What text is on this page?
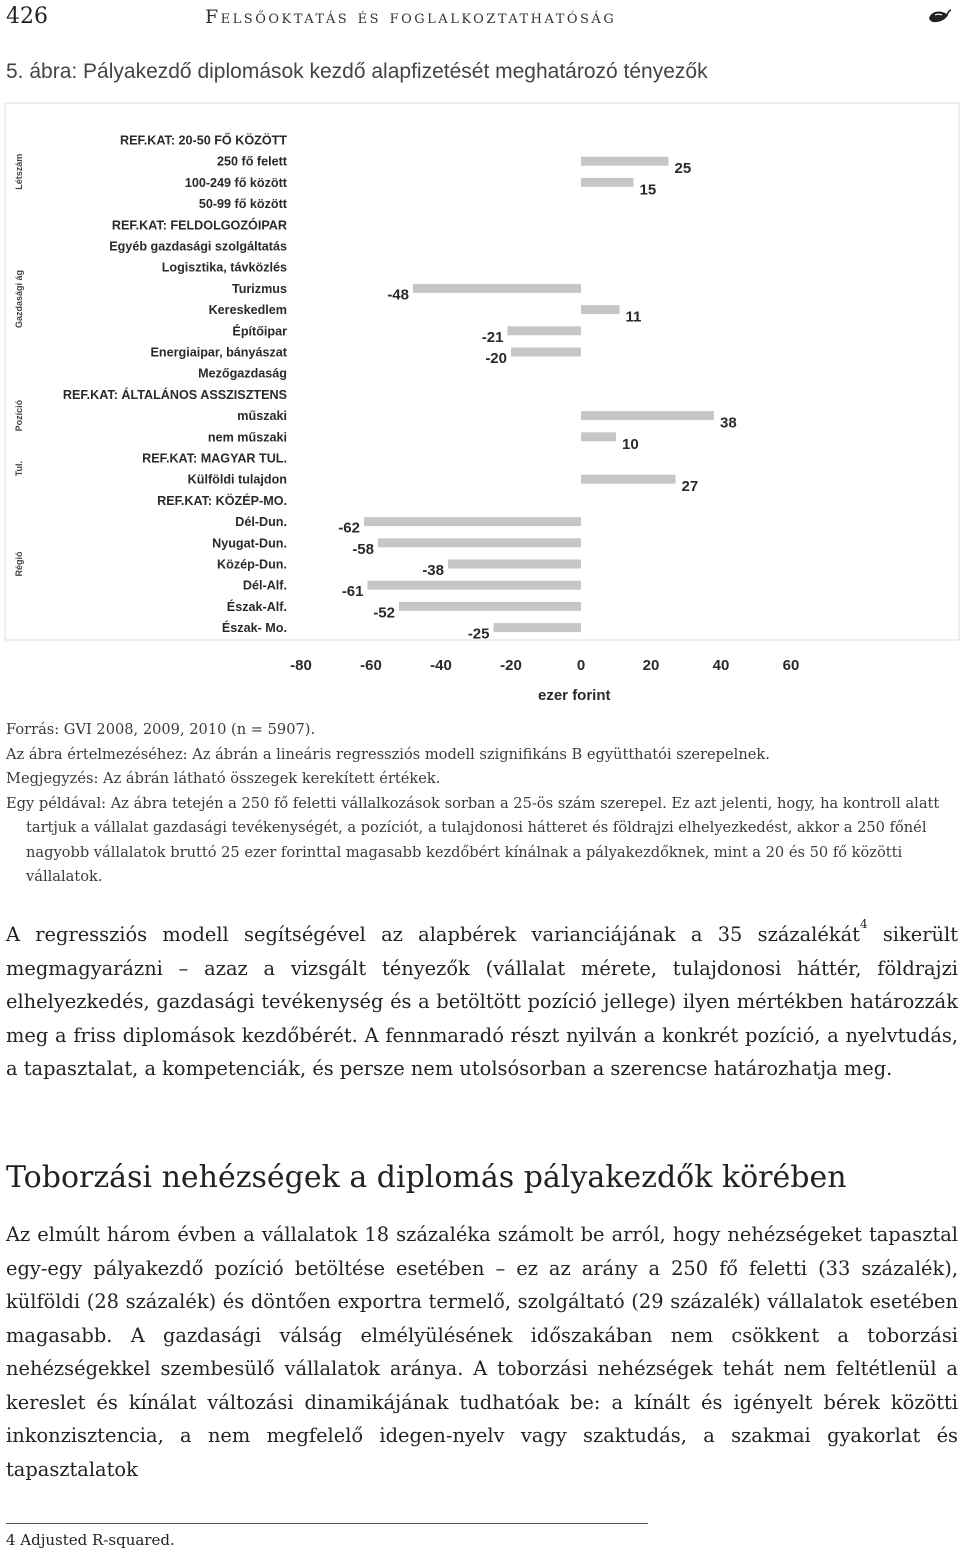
426	Felsőoktatás és foglalkoztathatóság
5. ábra: Pályakezdő diplomások kezdő alapfizetését meghatározó tényezők
Létszám
Gazdasági ág
Pozíció
Tul.
Régió
REF.KAT: 20-50 FŐ KÖZÖTT
250 fő felett	25
100-249 fő között	15
50-99 fő között
REF.KAT: FELDOLGOZÓIPAR
Egyéb gazdasági szolgáltatás
Logisztika, távközlés
Turizmus	-48
Kereskedlem	11
Építőipar	-21
Energiaipar, bányászat	-20
Mezőgazdaság
REF.KAT: ÁLTALÁNOS ASSZISZTENS
műszaki	38
nem műszaki	10
REF.KAT: MAGYAR TUL.
Külföldi tulajdon	27
REF.KAT: KÖZÉP-MO.
Dél-Dun.	-62
Nyugat-Dun.	-58
Közép-Dun.	-38
Dél-Alf.	-61
Észak-Alf.	-52
Észak- Mo.	-25
-80	-60	-40	-20	0	20	40	60
ezer forint

Forrás: GVI 2008, 2009, 2010 (n = 5907).

Az ábra értelmezéséhez: Az ábrán a lineáris regressziós modell szignifikáns B együtthatói szerepelnek.

Megjegyzés: Az ábrán látható összegek kerekített értékek.

Egy példával: Az ábra tetején a 250 fő feletti vállalkozások sorban a 25-ös szám szerepel. Ez azt jelenti, hogy, ha kontroll alatt tartjuk a vállalat gazdasági tevékenységét, a pozíciót, a tulajdonosi hátteret és földrajzi elhelyezkedést, akkor a 250 főnél nagyobb vállalatok bruttó 25 ezer forinttal magasabb kezdőbért kínálnak a pályakezdőknek, mint a 20 és 50 fő közötti vállalatok.

A regressziós modell segítségével az alapbérek varianciájának a 35 százalékát$^4$ sikerült megmagyarázni – azaz a vizsgált tényezők (vállalat mérete, tulajdonosi háttér, földrajzi elhelyezkedés, gazdasági tevékenység és a betöltött pozíció jellege) ilyen mértékben határozzák meg a friss diplomások kezdőbérét. A fennmaradó részt nyilván a konkrét pozíció, a nyelvtudás, a tapasztalat, a kompetenciák, és persze nem utolsósorban a szerencse határozhatja meg.
Toborzási nehézségek a diplomás pályakezdők körében
Az elmúlt három évben a vállalatok 18 százaléka számolt be arról, hogy nehézségeket tapasztal egy-egy pályakezdő pozíció betöltése esetében – ez az arány a 250 fő feletti (33 százalék), külföldi (28 százalék) és döntően exportra termelő, szolgáltató (29 százalék) vállalatok esetében magasabb. A gazdasági válság elmélyülésének időszakában nem csökkent a toborzási nehézségekkel szembesülő vállalatok aránya. A toborzási nehézségek tehát nem feltétlenül a kereslet és kínálat változási dinamikájának tudhatóak be: a kínált és igényelt bérek közötti inkonzisztencia, a nem megfelelő idegen-nyelv vagy szaktudás, a szakmai gyakorlat és tapasztalatok
4 Adjusted R-squared.
